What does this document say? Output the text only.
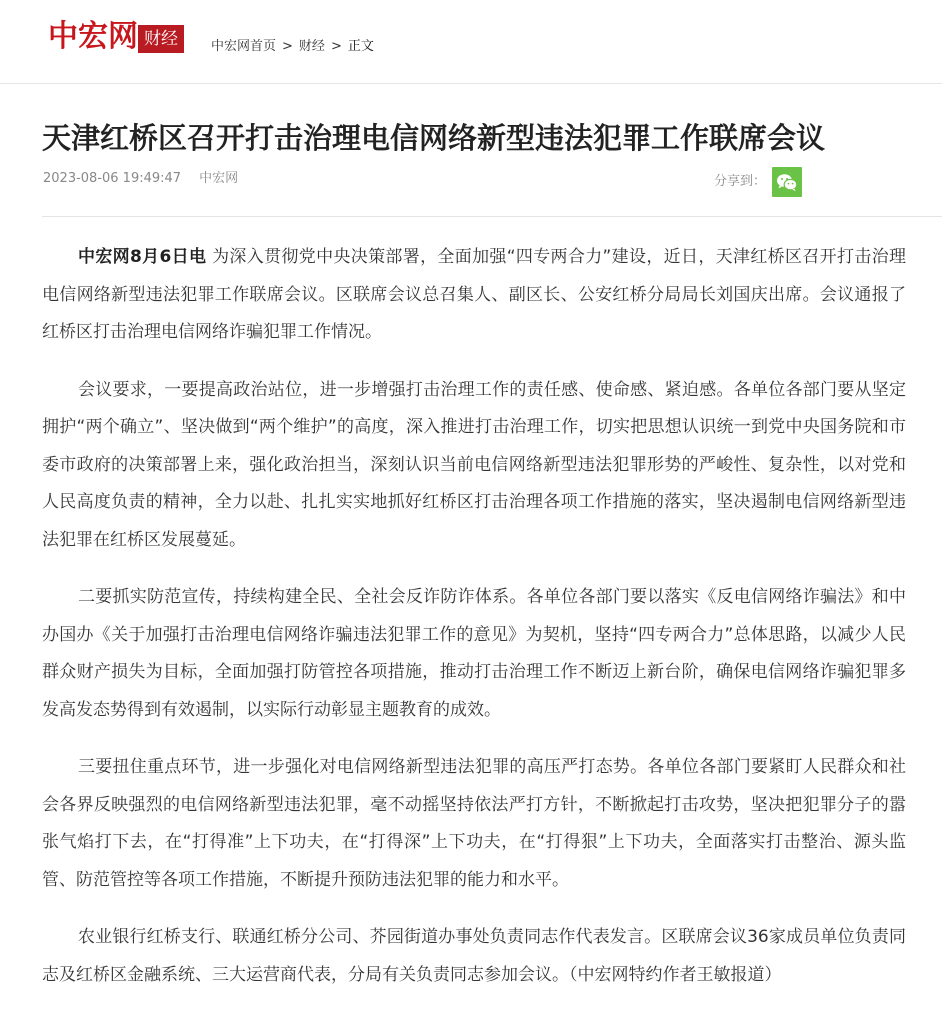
中宏网 财经	中宏网首页 > 财经 > 正文
天津红桥区召开打击治理电信网络新型违法犯罪工作联席会议
2023-08-06 19:49:47 中宏网	分享到：

中宏网8月6日电 为深入贯彻党中央决策部署，全面加强“四专两合力”建设，近日，天津红桥区召开打击治理电信网络新型违法犯罪工作联席会议。区联席会议总召集人、副区长、公安红桥分局局长刘国庆出席。会议通报了红桥区打击治理电信网络诈骗犯罪工作情况。

会议要求，一要提高政治站位，进一步增强打击治理工作的责任感、使命感、紧迫感。各单位各部门要从坚定拥护“两个确立”、坚决做到“两个维护”的高度，深入推进打击治理工作，切实把思想认识统一到党中央国务院和市委市政府的决策部署上来，强化政治担当，深刻认识当前电信网络新型违法犯罪形势的严峻性、复杂性，以对党和人民高度负责的精神，全力以赴、扎扎实实地抓好红桥区打击治理各项工作措施的落实，坚决遏制电信网络新型违法犯罪在红桥区发展蔓延。

二要抓实防范宣传，持续构建全民、全社会反诈防诈体系。各单位各部门要以落实《反电信网络诈骗法》和中办国办《关于加强打击治理电信网络诈骗违法犯罪工作的意见》为契机，坚持“四专两合力”总体思路，以减少人民群众财产损失为目标，全面加强打防管控各项措施，推动打击治理工作不断迈上新台阶，确保电信网络诈骗犯罪多发高发态势得到有效遏制，以实际行动彰显主题教育的成效。

三要扭住重点环节，进一步强化对电信网络新型违法犯罪的高压严打态势。各单位各部门要紧盯人民群众和社会各界反映强烈的电信网络新型违法犯罪，毫不动摇坚持依法严打方针，不断掀起打击攻势，坚决把犯罪分子的嚣张气焰打下去，在“打得准”上下功夫，在“打得深”上下功夫，在“打得狠”上下功夫，全面落实打击整治、源头监管、防范管控等各项工作措施，不断提升预防违法犯罪的能力和水平。

农业银行红桥支行、联通红桥分公司、芥园街道办事处负责同志作代表发言。区联席会议36家成员单位负责同志及红桥区金融系统、三大运营商代表，分局有关负责同志参加会议。（中宏网特约作者王敏报道）
